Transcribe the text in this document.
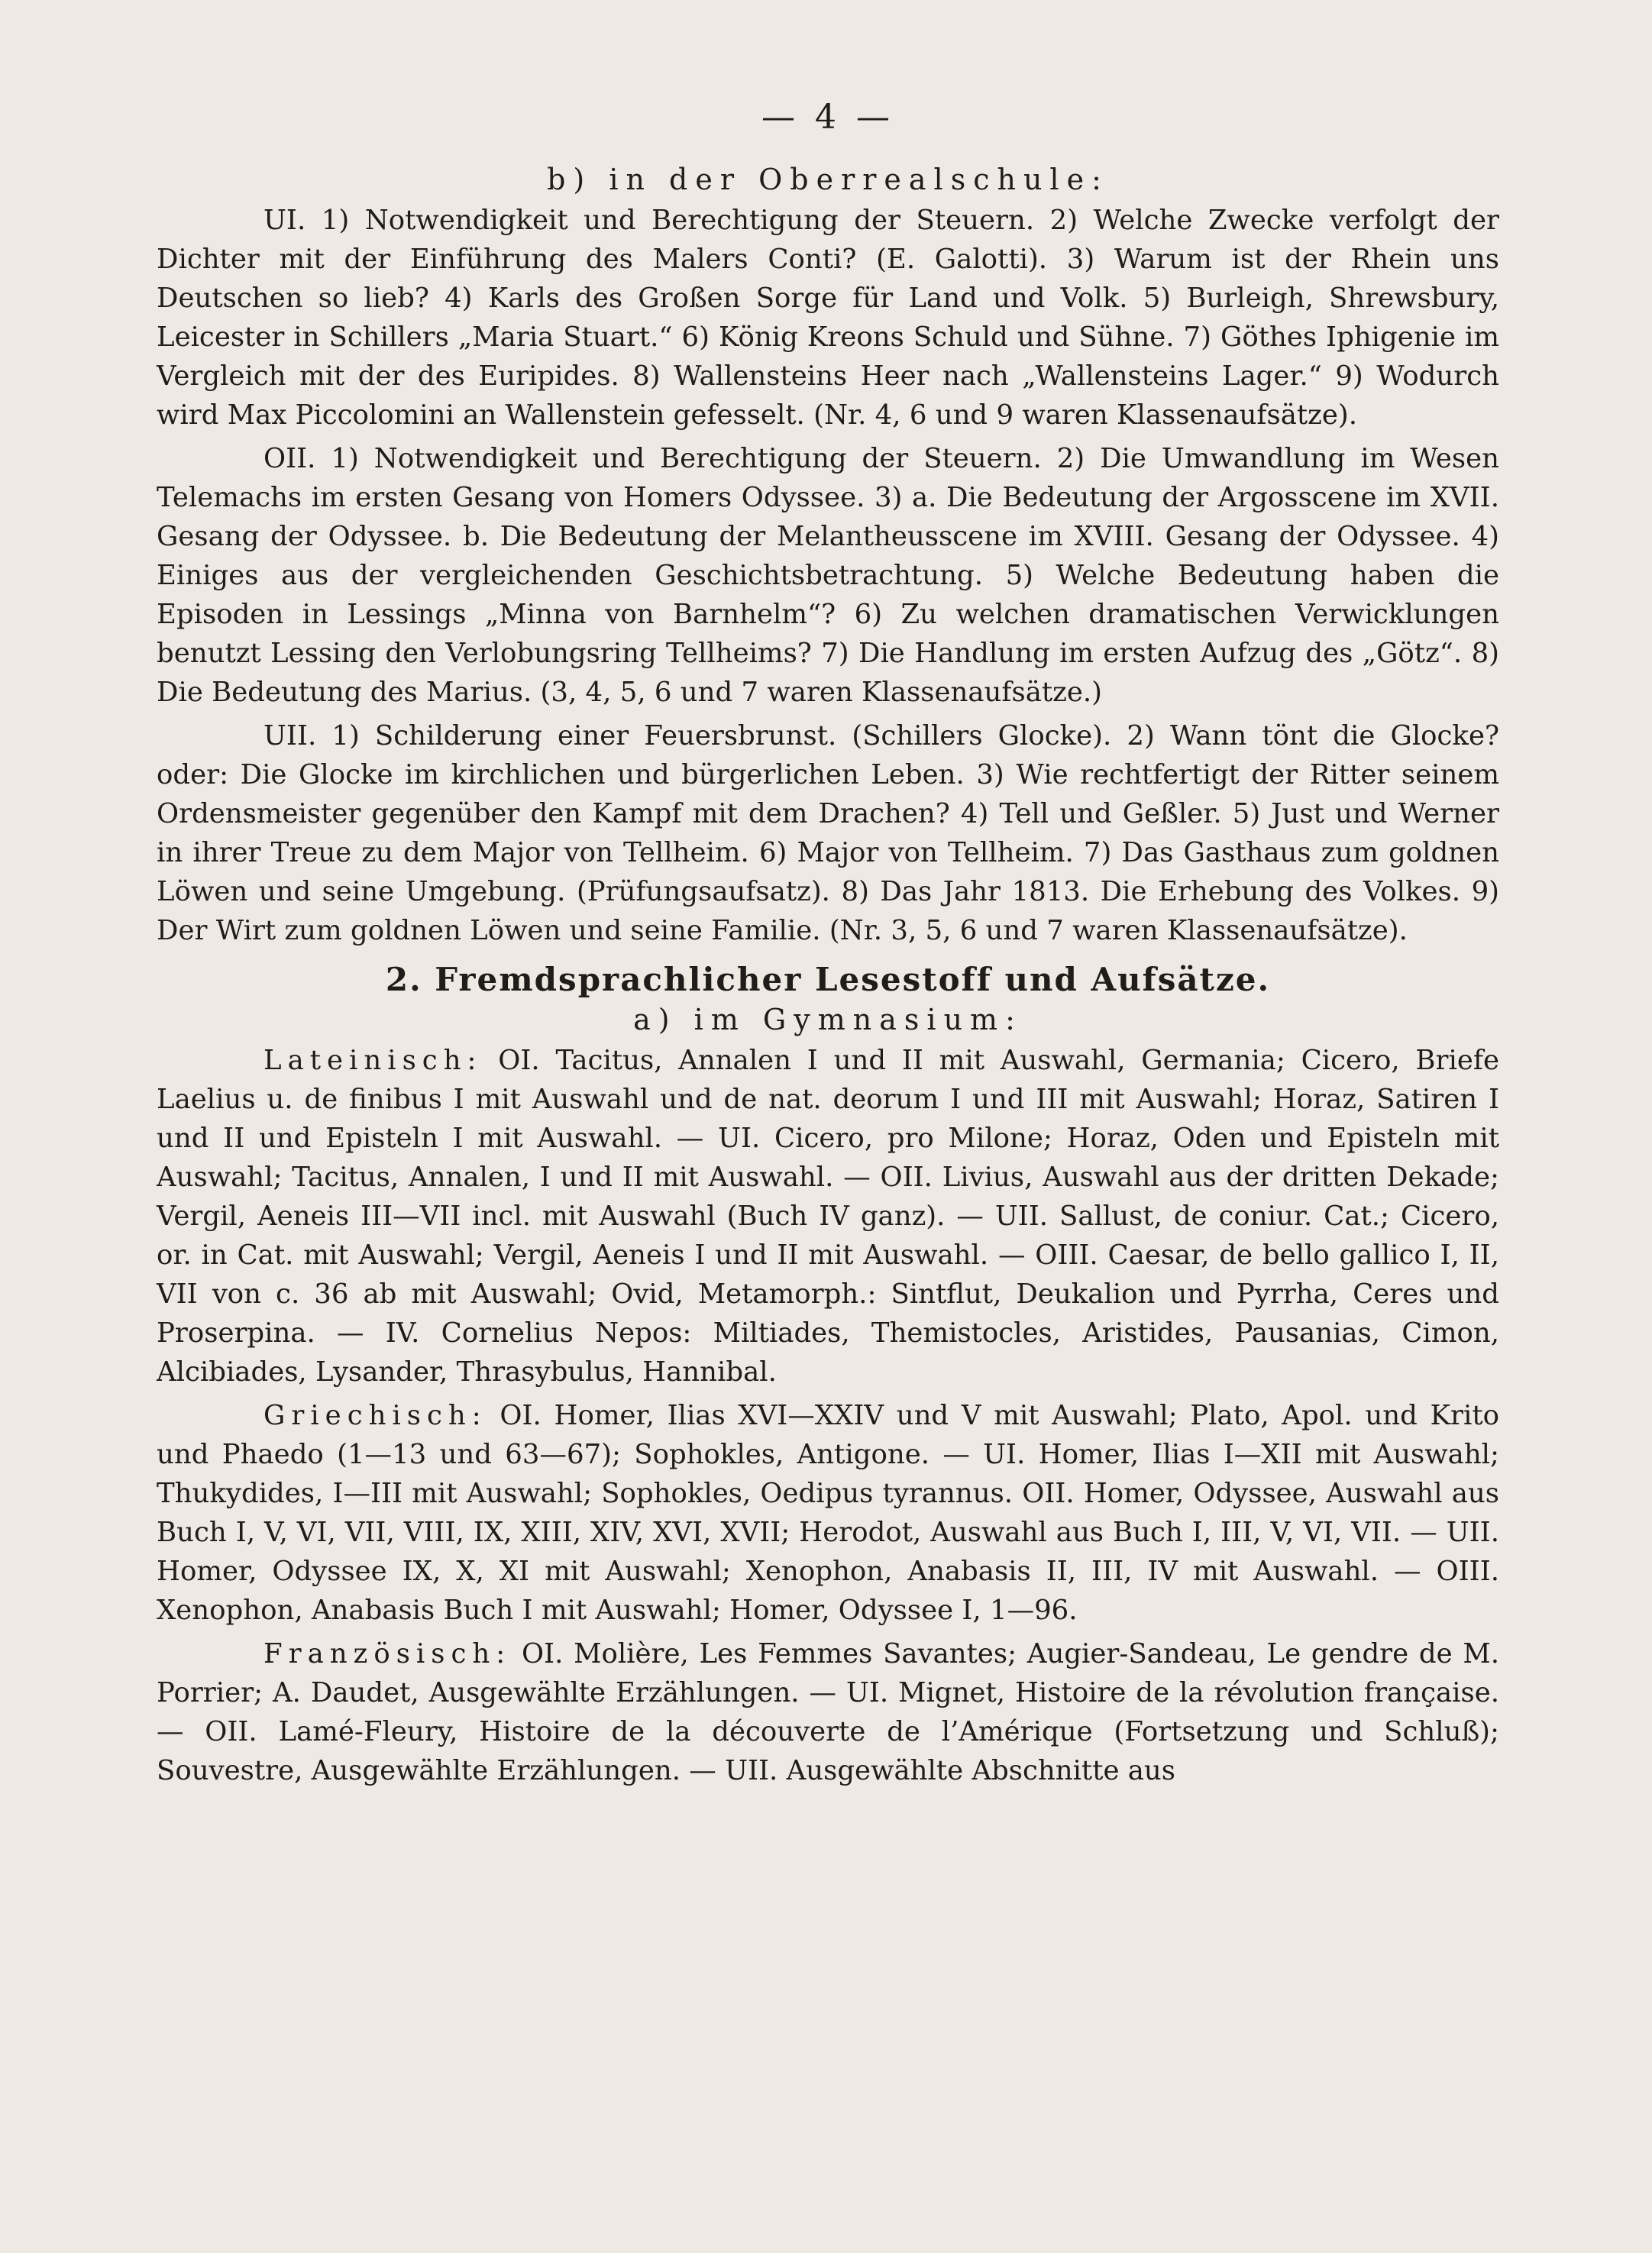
— 4 —
b) in der Oberrealschule:

UI. 1) Notwendigkeit und Berechtigung der Steuern. 2) Welche Zwecke verfolgt der Dichter mit der Einführung des Malers Conti? (E. Galotti). 3) Warum ist der Rhein uns Deutschen so lieb? 4) Karls des Großen Sorge für Land und Volk. 5) Burleigh, Shrewsbury, Leicester in Schillers „Maria Stuart.“ 6) König Kreons Schuld und Sühne. 7) Göthes Iphigenie im Vergleich mit der des Euripides. 8) Wallensteins Heer nach „Wallensteins Lager.“ 9) Wodurch wird Max Piccolomini an Wallenstein gefesselt. (Nr. 4, 6 und 9 waren Klassenaufsätze).

OII. 1) Notwendigkeit und Berechtigung der Steuern. 2) Die Umwandlung im Wesen Telemachs im ersten Gesang von Homers Odyssee. 3) a. Die Bedeutung der Argosscene im XVII. Gesang der Odyssee. b. Die Bedeutung der Melantheusscene im XVIII. Gesang der Odyssee. 4) Einiges aus der vergleichenden Geschichtsbetrachtung. 5) Welche Bedeutung haben die Episoden in Lessings „Minna von Barnhelm“? 6) Zu welchen dramatischen Verwicklungen benutzt Lessing den Verlobungsring Tellheims? 7) Die Handlung im ersten Aufzug des „Götz“. 8) Die Bedeutung des Marius. (3, 4, 5, 6 und 7 waren Klassenaufsätze.)

UII. 1) Schilderung einer Feuersbrunst. (Schillers Glocke). 2) Wann tönt die Glocke? oder: Die Glocke im kirchlichen und bürgerlichen Leben. 3) Wie rechtfertigt der Ritter seinem Ordensmeister gegenüber den Kampf mit dem Drachen? 4) Tell und Geßler. 5) Just und Werner in ihrer Treue zu dem Major von Tellheim. 6) Major von Tellheim. 7) Das Gasthaus zum goldnen Löwen und seine Umgebung. (Prüfungsaufsatz). 8) Das Jahr 1813. Die Erhebung des Volkes. 9) Der Wirt zum goldnen Löwen und seine Familie. (Nr. 3, 5, 6 und 7 waren Klassenaufsätze).

2. Fremdsprachlicher Lesestoff und Aufsätze.
a) im Gymnasium:

Lateinisch: OI. Tacitus, Annalen I und II mit Auswahl, Germania; Cicero, Briefe Laelius u. de finibus I mit Auswahl und de nat. deorum I und III mit Auswahl; Horaz, Satiren I und II und Episteln I mit Auswahl. — UI. Cicero, pro Milone; Horaz, Oden und Episteln mit Auswahl; Tacitus, Annalen, I und II mit Auswahl. — OII. Livius, Auswahl aus der dritten Dekade; Vergil, Aeneis III—VII incl. mit Auswahl (Buch IV ganz). — UII. Sallust, de coniur. Cat.; Cicero, or. in Cat. mit Auswahl; Vergil, Aeneis I und II mit Auswahl. — OIII. Caesar, de bello gallico I, II, VII von c. 36 ab mit Auswahl; Ovid, Metamorph.: Sintflut, Deukalion und Pyrrha, Ceres und Proserpina. — IV. Cornelius Nepos: Miltiades, Themistocles, Aristides, Pausanias, Cimon, Alcibiades, Lysander, Thrasybulus, Hannibal.

Griechisch: OI. Homer, Ilias XVI—XXIV und V mit Auswahl; Plato, Apol. und Krito und Phaedo (1—13 und 63—67); Sophokles, Antigone. — UI. Homer, Ilias I—XII mit Auswahl; Thukydides, I—III mit Auswahl; Sophokles, Oedipus tyrannus. OII. Homer, Odyssee, Auswahl aus Buch I, V, VI, VII, VIII, IX, XIII, XIV, XVI, XVII; Herodot, Auswahl aus Buch I, III, V, VI, VII. — UII. Homer, Odyssee IX, X, XI mit Auswahl; Xenophon, Anabasis II, III, IV mit Auswahl. — OIII. Xenophon, Anabasis Buch I mit Auswahl; Homer, Odyssee I, 1—96.

Französisch: OI. Molière, Les Femmes Savantes; Augier-Sandeau, Le gendre de M. Porrier; A. Daudet, Ausgewählte Erzählungen. — UI. Mignet, Histoire de la révolution française. — OII. Lamé-Fleury, Histoire de la découverte de l’Amérique (Fortsetzung und Schluß); Souvestre, Ausgewählte Erzählungen. — UII. Ausgewählte Abschnitte aus
